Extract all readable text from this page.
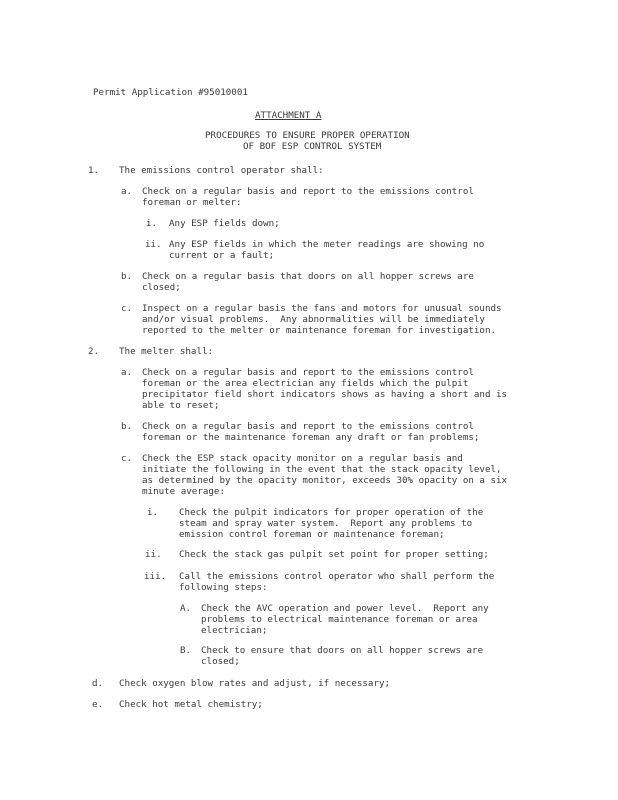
Permit Application #95010001
ATTACHMENT A
PROCEDURES TO ENSURE PROPER OPERATION
OF BOF ESP CONTROL SYSTEM
1. The emissions control operator shall:
a. Check on a regular basis and report to the emissions control
foreman or melter:
i. Any ESP fields down;
ii. Any ESP fields in which the meter readings are showing no
current or a fault;
b. Check on a regular basis that doors on all hopper screws are
closed;
c. Inspect on a regular basis the fans and motors for unusual sounds
and/or visual problems.  Any abnormalities will be immediately
reported to the melter or maintenance foreman for investigation.
2. The melter shall:
a. Check on a regular basis and report to the emissions control
foreman or the area electrician any fields which the pulpit
precipitator field short indicators shows as having a short and is
able to reset;
b. Check on a regular basis and report to the emissions control
foreman or the maintenance foreman any draft or fan problems;
c. Check the ESP stack opacity monitor on a regular basis and
initiate the following in the event that the stack opacity level,
as determined by the opacity monitor, exceeds 30% opacity on a six
minute average:
i. Check the pulpit indicators for proper operation of the
steam and spray water system.  Report any problems to
emission control foreman or maintenance foreman;
ii. Check the stack gas pulpit set point for proper setting;
iii. Call the emissions control operator who shall perform the
following steps:
A. Check the AVC operation and power level.  Report any
problems to electrical maintenance foreman or area
electrician;
B. Check to ensure that doors on all hopper screws are
closed;
d. Check oxygen blow rates and adjust, if necessary;
e. Check hot metal chemistry;
